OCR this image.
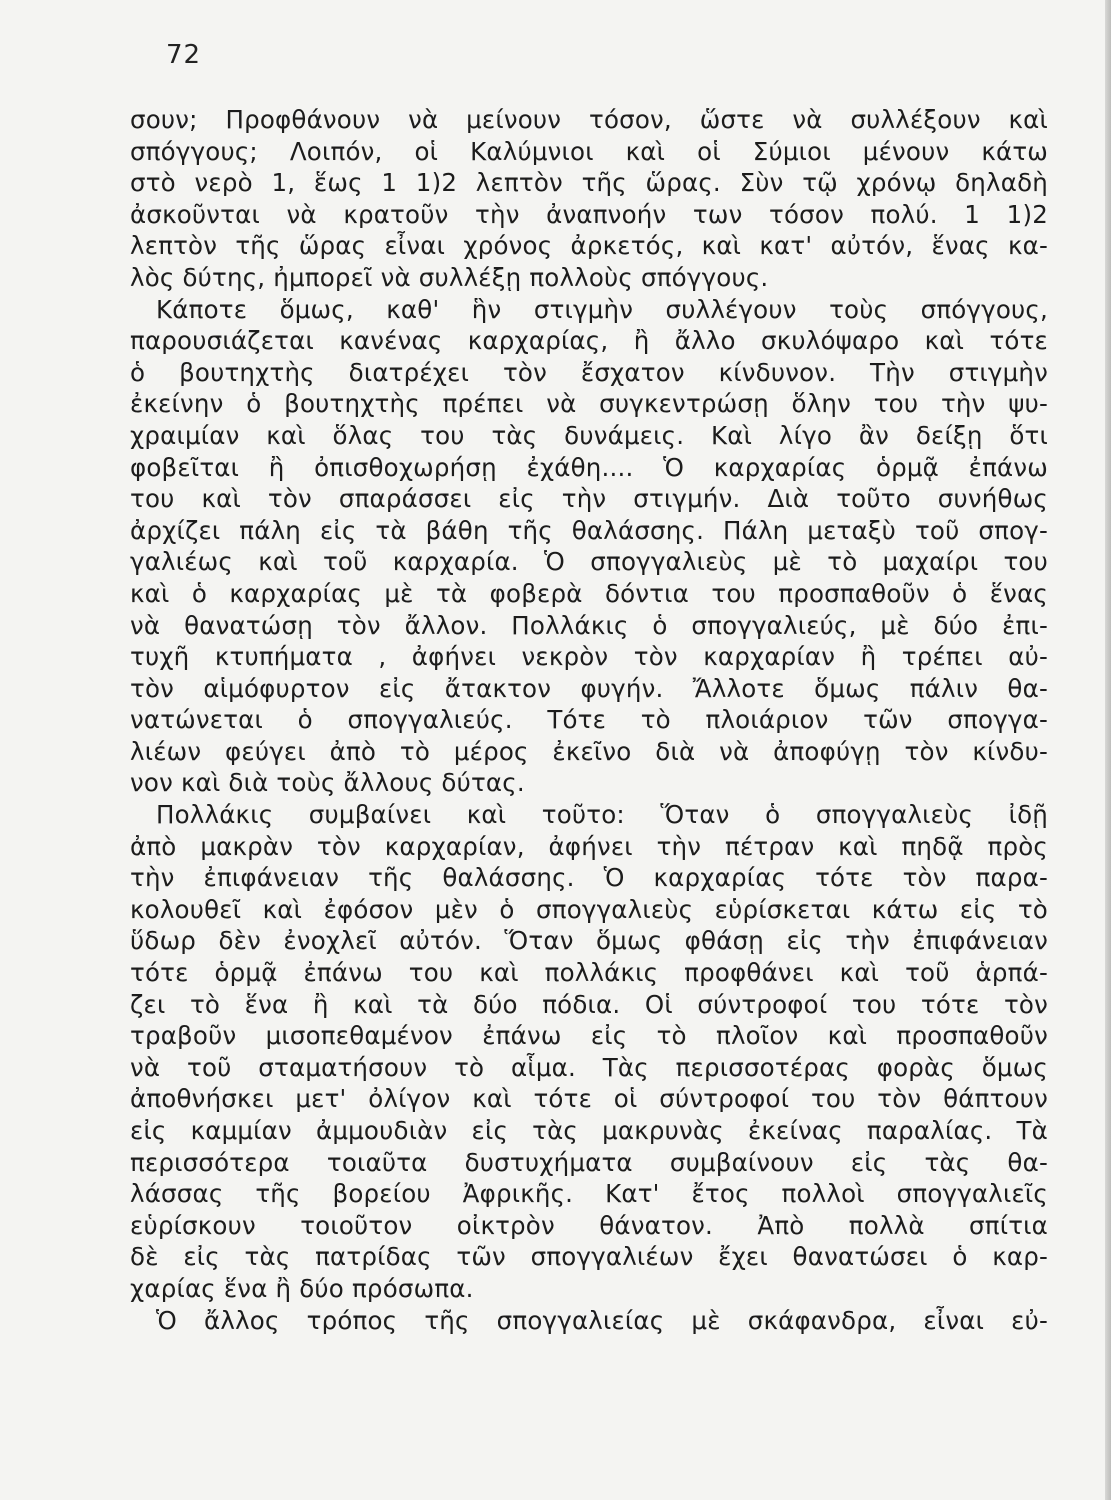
72
σουν; Προφθάνουν νὰ μείνουν τόσον, ὥστε νὰ συλλέξουν καὶ
σπόγγους; Λοιπόν, οἱ Καλύμνιοι καὶ οἱ Σύμιοι μένουν κάτω
στὸ νερὸ 1, ἕως 1 1)2 λεπτὸν τῆς ὥρας. Σὺν τῷ χρόνῳ δηλαδὴ
ἀσκοῦνται νὰ κρατοῦν τὴν ἀναπνοήν των τόσον πολύ. 1 1)2
λεπτὸν τῆς ὥρας εἶναι χρόνος ἀρκετός, καὶ κατ' αὐτόν, ἕνας κα-
λὸς δύτης, ἠμπορεῖ νὰ συλλέξῃ πολλοὺς σπόγγους.
Κάποτε ὅμως, καθ' ἣν στιγμὴν συλλέγουν τοὺς σπόγγους,
παρουσιάζεται κανένας καρχαρίας, ἢ ἄλλο σκυλόψαρο καὶ τότε
ὁ βουτηχτὴς διατρέχει τὸν ἔσχατον κίνδυνον. Τὴν στιγμὴν
ἐκείνην ὁ βουτηχτὴς πρέπει νὰ συγκεντρώσῃ ὅλην του τὴν ψυ-
χραιμίαν καὶ ὅλας του τὰς δυνάμεις. Καὶ λίγο ἂν δείξῃ ὅτι
φοβεῖται ἢ ὀπισθοχωρήσῃ ἐχάθη.... Ὁ καρχαρίας ὁρμᾷ ἐπάνω
του καὶ τὸν σπαράσσει εἰς τὴν στιγμήν. Διὰ τοῦτο συνήθως
ἀρχίζει πάλη εἰς τὰ βάθη τῆς θαλάσσης. Πάλη μεταξὺ τοῦ σπογ-
γαλιέως καὶ τοῦ καρχαρία. Ὁ σπογγαλιεὺς μὲ τὸ μαχαίρι του
καὶ ὁ καρχαρίας μὲ τὰ φοβερὰ δόντια του προσπαθοῦν ὁ ἕνας
νὰ θανατώσῃ τὸν ἄλλον. Πολλάκις ὁ σπογγαλιεύς, μὲ δύο ἐπι-
τυχῆ κτυπήματα , ἀφήνει νεκρὸν τὸν καρχαρίαν ἢ τρέπει αὐ-
τὸν αἱμόφυρτον εἰς ἄτακτον φυγήν. Ἄλλοτε ὅμως πάλιν θα-
νατώνεται ὁ σπογγαλιεύς. Τότε τὸ πλοιάριον τῶν σπογγα-
λιέων φεύγει ἀπὸ τὸ μέρος ἐκεῖνο διὰ νὰ ἀποφύγῃ τὸν κίνδυ-
νον καὶ διὰ τοὺς ἄλλους δύτας.
Πολλάκις συμβαίνει καὶ τοῦτο: Ὅταν ὁ σπογγαλιεὺς ἰδῇ
ἀπὸ μακρὰν τὸν καρχαρίαν, ἀφήνει τὴν πέτραν καὶ πηδᾷ πρὸς
τὴν ἐπιφάνειαν τῆς θαλάσσης. Ὁ καρχαρίας τότε τὸν παρα-
κολουθεῖ καὶ ἐφόσον μὲν ὁ σπογγαλιεὺς εὑρίσκεται κάτω εἰς τὸ
ὕδωρ δὲν ἐνοχλεῖ αὐτόν. Ὅταν ὅμως φθάσῃ εἰς τὴν ἐπιφάνειαν
τότε ὁρμᾷ ἐπάνω του καὶ πολλάκις προφθάνει καὶ τοῦ ἁρπά-
ζει τὸ ἕνα ἢ καὶ τὰ δύο πόδια. Οἱ σύντροφοί του τότε τὸν
τραβοῦν μισοπεθαμένον ἐπάνω εἰς τὸ πλοῖον καὶ προσπαθοῦν
νὰ τοῦ σταματήσουν τὸ αἷμα. Τὰς περισσοτέρας φορὰς ὅμως
ἀποθνήσκει μετ' ὀλίγον καὶ τότε οἱ σύντροφοί του τὸν θάπτουν
εἰς καμμίαν ἀμμουδιὰν εἰς τὰς μακρυνὰς ἐκείνας παραλίας. Τὰ
περισσότερα τοιαῦτα δυστυχήματα συμβαίνουν εἰς τὰς θα-
λάσσας τῆς βορείου Ἀφρικῆς. Κατ' ἔτος πολλοὶ σπογγαλιεῖς
εὑρίσκουν τοιοῦτον οἰκτρὸν θάνατον. Ἀπὸ πολλὰ σπίτια
δὲ εἰς τὰς πατρίδας τῶν σπογγαλιέων ἔχει θανατώσει ὁ καρ-
χαρίας ἕνα ἢ δύο πρόσωπα.
Ὁ ἄλλος τρόπος τῆς σπογγαλιείας μὲ σκάφανδρα, εἶναι εὐ-
